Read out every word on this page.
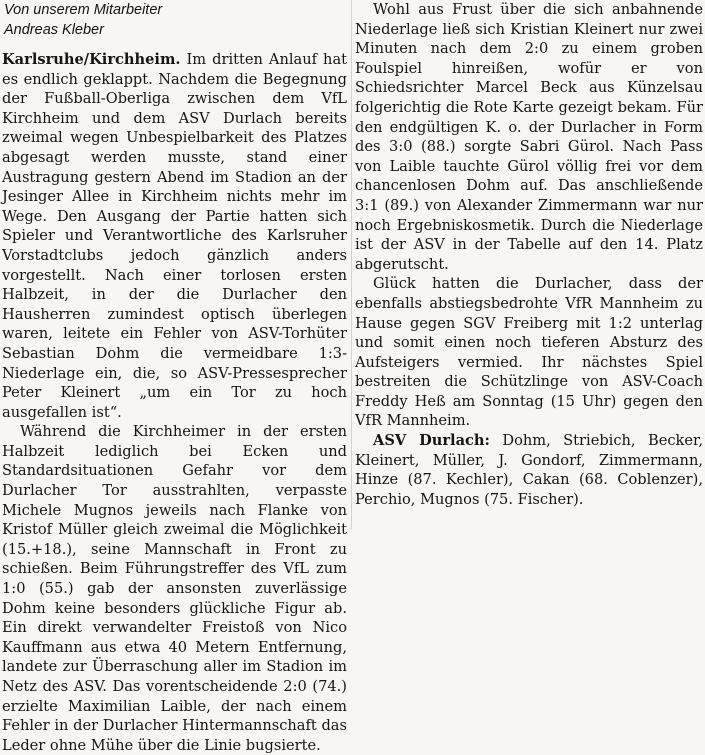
Von unserem Mitarbeiter
Andreas Kleber

Karlsruhe/Kirchheim. Im dritten Anlauf hat es endlich geklappt. Nachdem die Begegnung der Fußball-Oberliga zwischen dem VfL Kirchheim und dem ASV Durlach bereits zweimal wegen Unbespielbarkeit des Platzes abgesagt werden musste, stand einer Austragung gestern Abend im Stadion an der Jesinger Allee in Kirchheim nichts mehr im Wege. Den Ausgang der Partie hatten sich Spieler und Verantwortliche des Karlsruher Vorstadtclubs jedoch gänzlich anders vorgestellt. Nach einer torlosen ersten Halbzeit, in der die Durlacher den Hausherren zumindest optisch überlegen waren, leitete ein Fehler von ASV-Torhüter Sebastian Dohm die vermeidbare 1:3-Niederlage ein, die, so ASV-Pressesprecher Peter Kleinert „um ein Tor zu hoch ausgefallen ist“.

Während die Kirchheimer in der ersten Halbzeit lediglich bei Ecken und Standardsituationen Gefahr vor dem Durlacher Tor ausstrahlten, verpasste Michele Mugnos jeweils nach Flanke von Kristof Müller gleich zweimal die Möglichkeit (15.+18.), seine Mannschaft in Front zu schießen. Beim Führungstreffer des VfL zum 1:0 (55.) gab der ansonsten zuverlässige Dohm keine besonders glückliche Figur ab. Ein direkt verwandelter Freistoß von Nico Kauffmann aus etwa 40 Metern Entfernung, landete zur Überraschung aller im Stadion im Netz des ASV. Das vorentscheidende 2:0 (74.) erzielte Maximilian Laible, der nach einem Fehler in der Durlacher Hintermannschaft das Leder ohne Mühe über die Linie bugsierte.

Wohl aus Frust über die sich anbahnende Niederlage ließ sich Kristian Kleinert nur zwei Minuten nach dem 2:0 zu einem groben Foulspiel hinreißen, wofür er von Schiedsrichter Marcel Beck aus Künzelsau folgerichtig die Rote Karte gezeigt bekam. Für den endgültigen K. o. der Durlacher in Form des 3:0 (88.) sorgte Sabri Gürol. Nach Pass von Laible tauchte Gürol völlig frei vor dem chancenlosen Dohm auf. Das anschließende 3:1 (89.) von Alexander Zimmermann war nur noch Ergebniskosmetik. Durch die Niederlage ist der ASV in der Tabelle auf den 14. Platz abgerutscht.

Glück hatten die Durlacher, dass der ebenfalls abstiegsbedrohte VfR Mannheim zu Hause gegen SGV Freiberg mit 1:2 unterlag und somit einen noch tieferen Absturz des Aufsteigers vermied. Ihr nächstes Spiel bestreiten die Schützlinge von ASV-Coach Freddy Heß am Sonntag (15 Uhr) gegen den VfR Mannheim.

ASV Durlach: Dohm, Striebich, Becker, Kleinert, Müller, J. Gondorf, Zimmermann, Hinze (87. Kechler), Cakan (68. Coblenzer), Perchio, Mugnos (75. Fischer).
